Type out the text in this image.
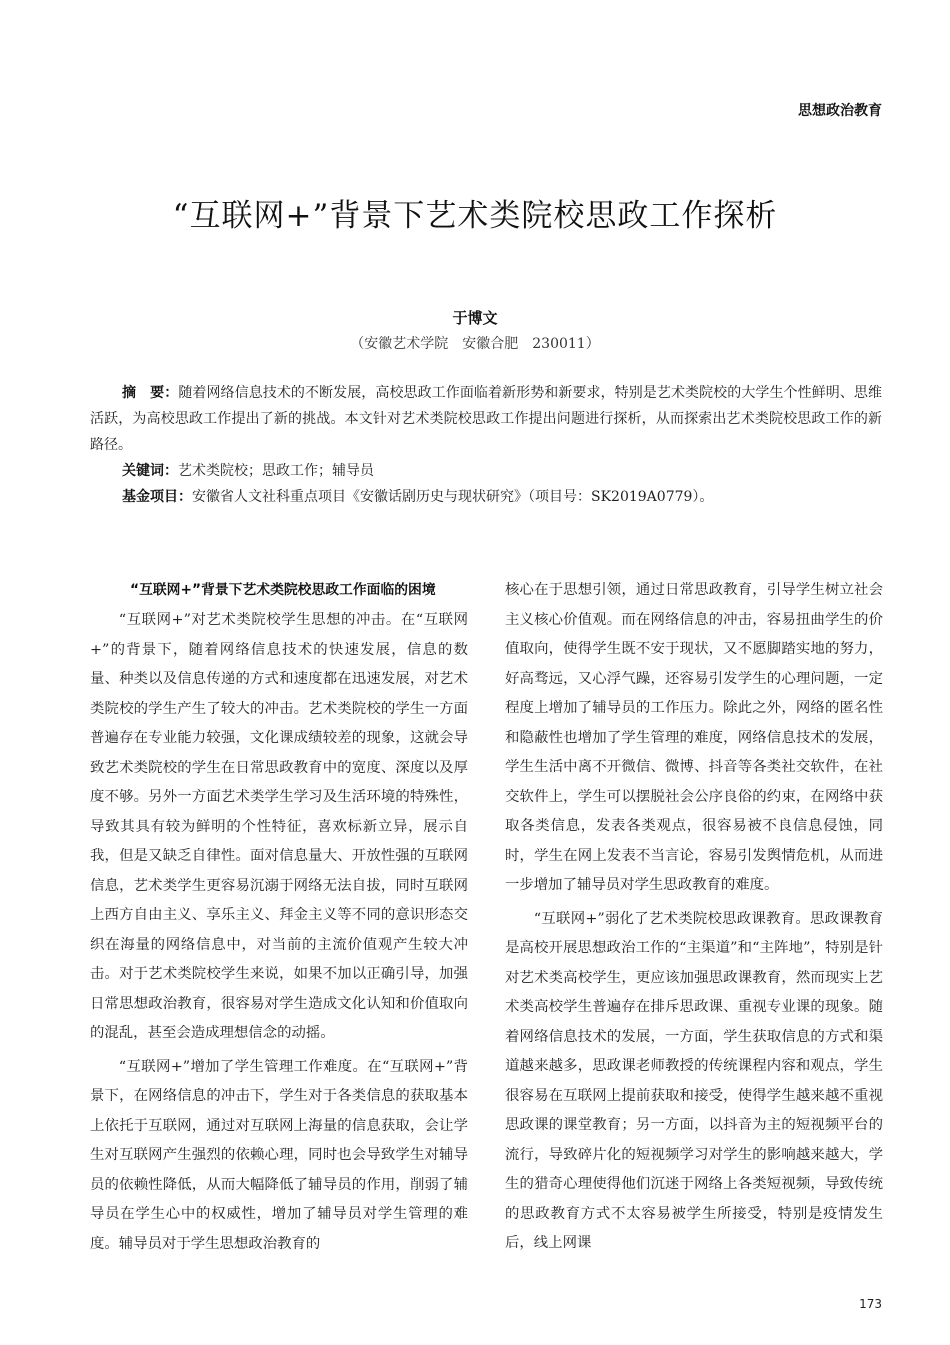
思想政治教育
“互联网+”背景下艺术类院校思政工作探析
于博文
（安徽艺术学院　安徽合肥　230011）

摘　要：随着网络信息技术的不断发展，高校思政工作面临着新形势和新要求，特别是艺术类院校的大学生个性鲜明、思维活跃，为高校思政工作提出了新的挑战。本文针对艺术类院校思政工作提出问题进行探析，从而探索出艺术类院校思政工作的新路径。

关键词：艺术类院校；思政工作；辅导员

基金项目：安徽省人文社科重点项目《安徽话剧历史与现状研究》（项目号：SK2019A0779）。

“互联网+”背景下艺术类院校思政工作面临的困境

“互联网+”对艺术类院校学生思想的冲击。在“互联网+”的背景下，随着网络信息技术的快速发展，信息的数量、种类以及信息传递的方式和速度都在迅速发展，对艺术类院校的学生产生了较大的冲击。艺术类院校的学生一方面普遍存在专业能力较强，文化课成绩较差的现象，这就会导致艺术类院校的学生在日常思政教育中的宽度、深度以及厚度不够。另外一方面艺术类学生学习及生活环境的特殊性，导致其具有较为鲜明的个性特征，喜欢标新立异，展示自我，但是又缺乏自律性。面对信息量大、开放性强的互联网信息，艺术类学生更容易沉溺于网络无法自拔，同时互联网上西方自由主义、享乐主义、拜金主义等不同的意识形态交织在海量的网络信息中，对当前的主流价值观产生较大冲击。对于艺术类院校学生来说，如果不加以正确引导，加强日常思想政治教育，很容易对学生造成文化认知和价值取向的混乱，甚至会造成理想信念的动摇。

“互联网+”增加了学生管理工作难度。在“互联网+”背景下，在网络信息的冲击下，学生对于各类信息的获取基本上依托于互联网，通过对互联网上海量的信息获取，会让学生对互联网产生强烈的依赖心理，同时也会导致学生对辅导员的依赖性降低，从而大幅降低了辅导员的作用，削弱了辅导员在学生心中的权威性，增加了辅导员对学生管理的难度。辅导员对于学生思想政治教育的

核心在于思想引领，通过日常思政教育，引导学生树立社会主义核心价值观。而在网络信息的冲击，容易扭曲学生的价值取向，使得学生既不安于现状，又不愿脚踏实地的努力，好高骛远，又心浮气躁，还容易引发学生的心理问题，一定程度上增加了辅导员的工作压力。除此之外，网络的匿名性和隐蔽性也增加了学生管理的难度，网络信息技术的发展，学生生活中离不开微信、微博、抖音等各类社交软件，在社交软件上，学生可以摆脱社会公序良俗的约束，在网络中获取各类信息，发表各类观点，很容易被不良信息侵蚀，同时，学生在网上发表不当言论，容易引发舆情危机，从而进一步增加了辅导员对学生思政教育的难度。

“互联网+”弱化了艺术类院校思政课教育。思政课教育是高校开展思想政治工作的“主渠道”和“主阵地”，特别是针对艺术类高校学生，更应该加强思政课教育，然而现实上艺术类高校学生普遍存在排斥思政课、重视专业课的现象。随着网络信息技术的发展，一方面，学生获取信息的方式和渠道越来越多，思政课老师教授的传统课程内容和观点，学生很容易在互联网上提前获取和接受，使得学生越来越不重视思政课的课堂教育；另一方面，以抖音为主的短视频平台的流行，导致碎片化的短视频学习对学生的影响越来越大，学生的猎奇心理使得他们沉迷于网络上各类短视频，导致传统的思政教育方式不太容易被学生所接受，特别是疫情发生后，线上网课

173
